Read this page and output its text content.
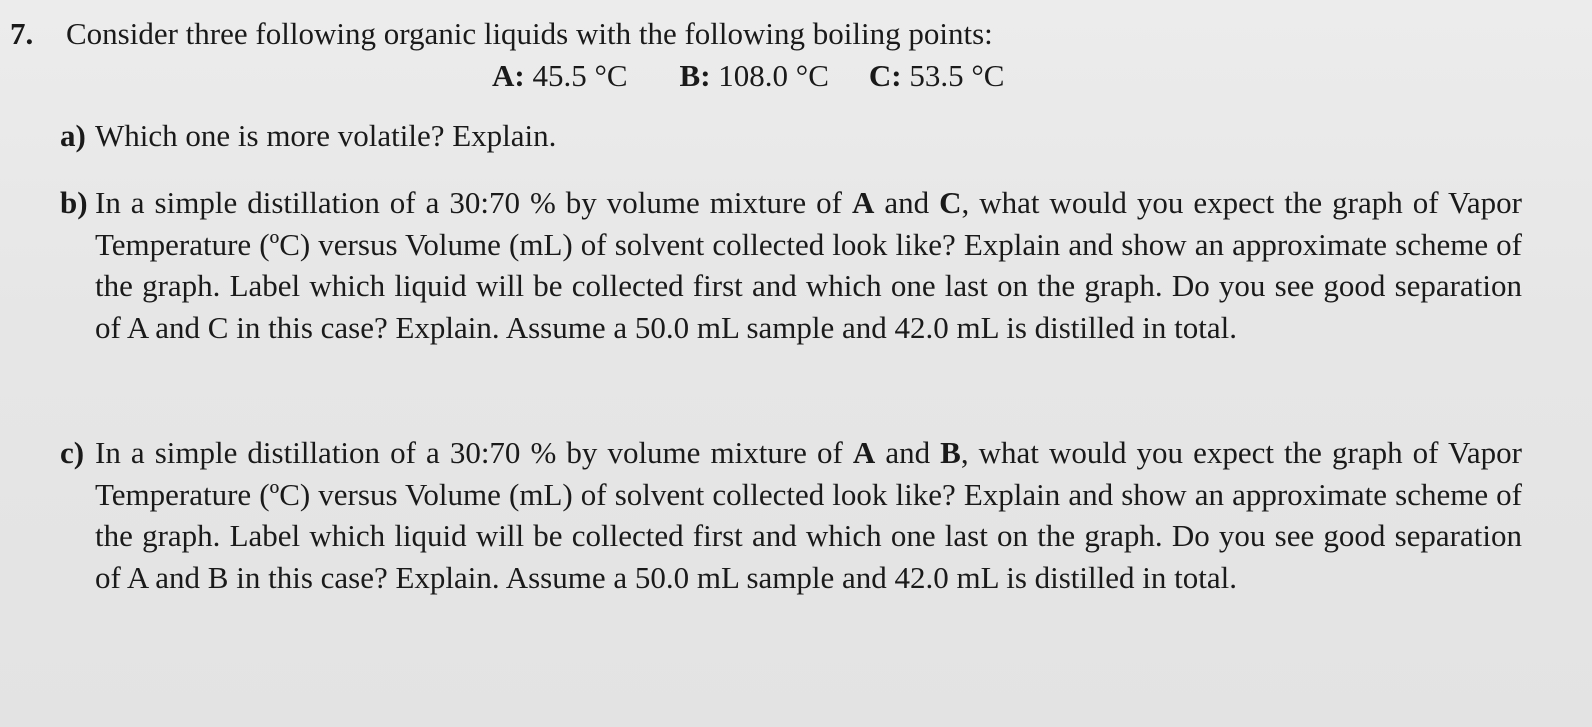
7. Consider three following organic liquids with the following boiling points:
A: 45.5 °C B: 108.0 °C C: 53.5 °C
a) Which one is more volatile? Explain.
b) In a simple distillation of a 30:70 % by volume mixture of A and C, what would you expect the graph of Vapor Temperature (ºC) versus Volume (mL) of solvent collected look like? Explain and show an approximate scheme of the graph. Label which liquid will be collected first and which one last on the graph. Do you see good separation of A and C in this case? Explain. Assume a 50.0 mL sample and 42.0 mL is distilled in total.
c) In a simple distillation of a 30:70 % by volume mixture of A and B, what would you expect the graph of Vapor Temperature (ºC) versus Volume (mL) of solvent collected look like? Explain and show an approximate scheme of the graph. Label which liquid will be collected first and which one last on the graph. Do you see good separation of A and B in this case? Explain. Assume a 50.0 mL sample and 42.0 mL is distilled in total.
